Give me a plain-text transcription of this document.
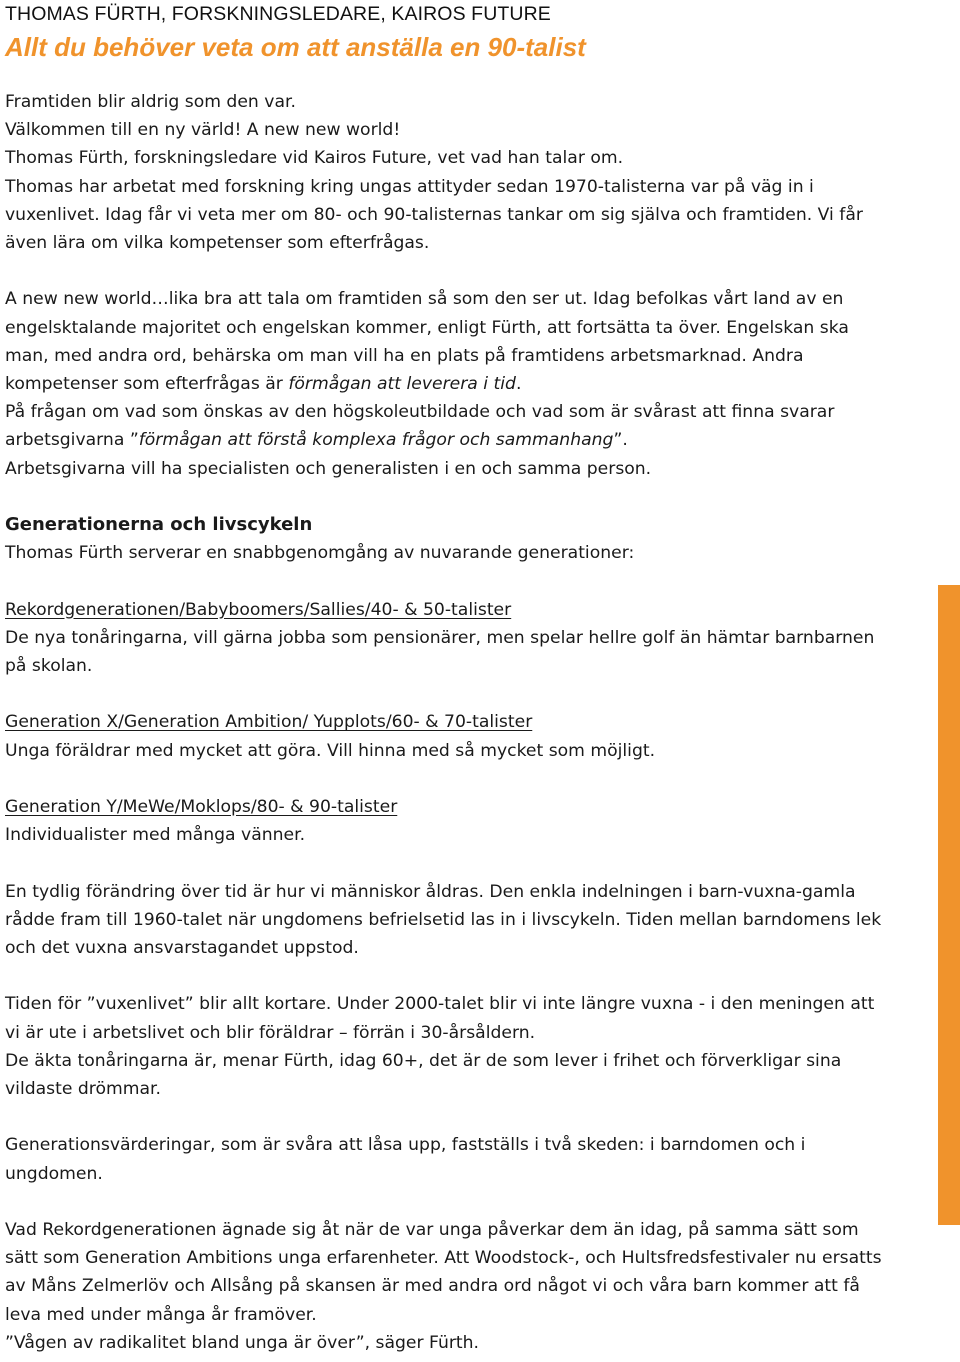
THOMAS FÜRTH, FORSKNINGSLEDARE, KAIROS FUTURE
Allt du behöver veta om att anställa en 90-talist

Framtiden blir aldrig som den var.

Välkommen till en ny värld! A new new world!

Thomas Fürth, forskningsledare vid Kairos Future, vet vad han talar om.

Thomas har arbetat med forskning kring ungas attityder sedan 1970-talisterna var på väg in i vuxenlivet. Idag får vi veta mer om 80- och 90-talisternas tankar om sig själva och framtiden. Vi får även lära om vilka kompetenser som efterfrågas.

A new new world…lika bra att tala om framtiden så som den ser ut. Idag befolkas vårt land av en engelsktalande majoritet och engelskan kommer, enligt Fürth, att fortsätta ta över. Engelskan ska man, med andra ord, behärska om man vill ha en plats på framtidens arbetsmarknad. Andra kompetenser som efterfrågas är förmågan att leverera i tid.

På frågan om vad som önskas av den högskoleutbildade och vad som är svårast att finna svarar arbetsgivarna ”förmågan att förstå komplexa frågor och sammanhang”.

Arbetsgivarna vill ha specialisten och generalisten i en och samma person.

Generationerna och livscykeln

Thomas Fürth serverar en snabbgenomgång av nuvarande generationer:

Rekordgenerationen/Babyboomers/Sallies/40- & 50-talister

De nya tonåringarna, vill gärna jobba som pensionärer, men spelar hellre golf än hämtar barnbarnen på skolan.

Generation X/Generation Ambition/ Yupplots/60- & 70-talister

Unga föräldrar med mycket att göra. Vill hinna med så mycket som möjligt.

Generation Y/MeWe/Moklops/80- & 90-talister

Individualister med många vänner.

En tydlig förändring över tid är hur vi människor åldras. Den enkla indelningen i barn-vuxna-gamla rådde fram till 1960-talet när ungdomens befrielsetid las in i livscykeln. Tiden mellan barndomens lek och det vuxna ansvarstagandet uppstod.

Tiden för ”vuxenlivet” blir allt kortare. Under 2000-talet blir vi inte längre vuxna - i den meningen att vi är ute i arbetslivet och blir föräldrar – förrän i 30-årsåldern.

De äkta tonåringarna är, menar Fürth, idag 60+, det är de som lever i frihet och förverkligar sina vildaste drömmar.

Generationsvärderingar, som är svåra att låsa upp, fastställs i två skeden: i barndomen och i ungdomen.

Vad Rekordgenerationen ägnade sig åt när de var unga påverkar dem än idag, på samma sätt som sätt som Generation Ambitions unga erfarenheter. Att Woodstock-, och Hultsfredsfestivaler nu ersatts av Måns Zelmerlöv och Allsång på skansen är med andra ord något vi och våra barn kommer att få leva med under många år framöver.

”Vågen av radikalitet bland unga är över”, säger Fürth.
